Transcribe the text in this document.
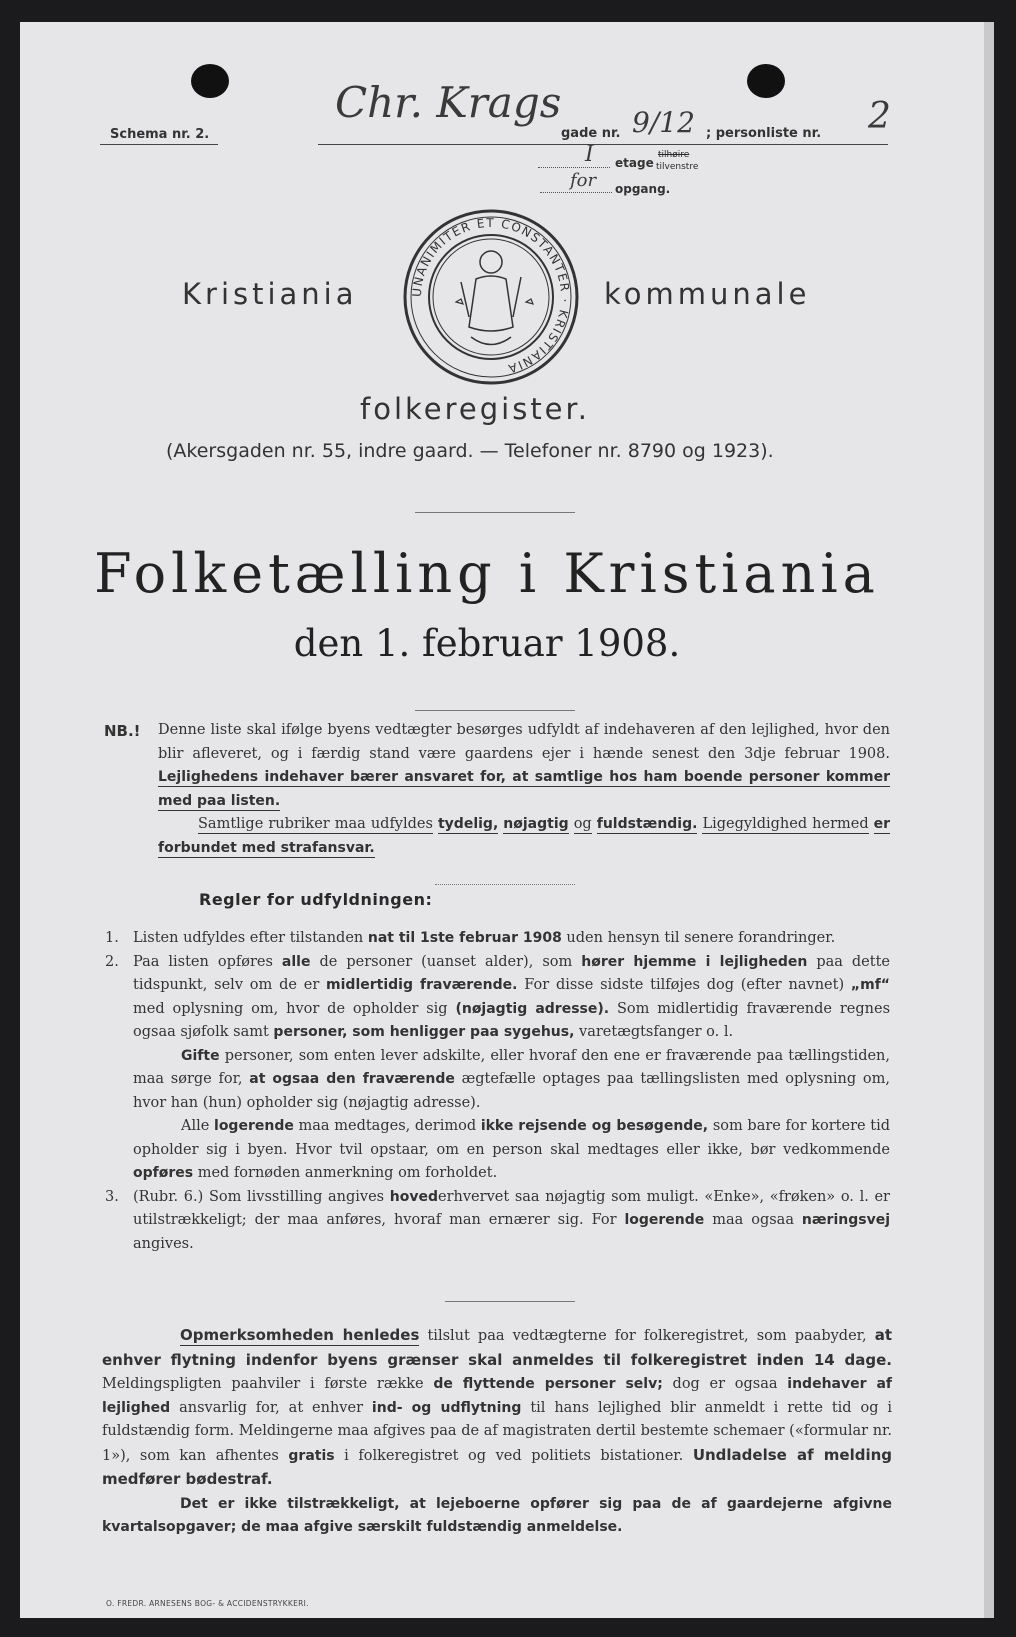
Schema nr. 2.
Chr. Krags
gade nr. 9/12 ; personliste nr. 2
I etage
tilhøire
tilvenstre
for opgang.
UNANIMITER ET CONSTANTER · KRISTIANIA
Kristiania	kommunale
folkeregister.
(Akersgaden nr. 55, indre gaard. — Telefoner nr. 8790 og 1923).
Folketælling i Kristiania
den 1. februar 1908.
NB.! Denne liste skal ifølge byens vedtægter besørges udfyldt af indehaveren af den lejlighed, hvor den blir afleveret, og i færdig stand være gaardens ejer i hænde senest den 3dje februar 1908. Lejlighedens indehaver bærer ansvaret for, at samtlige hos ham boende personer kommer med paa listen.
Samtlige rubriker maa udfyldes tydelig, nøjagtig og fuldstændig. Ligegyldighed hermed er forbundet med strafansvar.
Regler for udfyldningen:
1. Listen udfyldes efter tilstanden nat til 1ste februar 1908 uden hensyn til senere forandringer.
2. Paa listen opføres alle de personer (uanset alder), som hører hjemme i lejligheden paa dette tidspunkt, selv om de er midlertidig fraværende. For disse sidste tilføjes dog (efter navnet) „mf“ med oplysning om, hvor de opholder sig (nøjagtig adresse). Som midlertidig fraværende regnes ogsaa sjøfolk samt personer, som henligger paa sygehus, varetægtsfanger o. l.
Gifte personer, som enten lever adskilte, eller hvoraf den ene er fraværende paa tællingstiden, maa sørge for, at ogsaa den fraværende ægtefælle optages paa tællingslisten med oplysning om, hvor han (hun) opholder sig (nøjagtig adresse).
Alle logerende maa medtages, derimod ikke rejsende og besøgende, som bare for kortere tid opholder sig i byen. Hvor tvil opstaar, om en person skal medtages eller ikke, bør vedkommende opføres med fornøden anmerkning om forholdet.
3. (Rubr. 6.) Som livsstilling angives hovederhvervet saa nøjagtig som muligt. «Enke», «frøken» o. l. er utilstrækkeligt; der maa anføres, hvoraf man ernærer sig. For logerende maa ogsaa næringsvej angives.
Opmerksomheden henledes tilslut paa vedtægterne for folkeregistret, som paabyder, at enhver flytning indenfor byens grænser skal anmeldes til folkeregistret inden 14 dage. Meldingspligten paahviler i første række de flyttende personer selv; dog er ogsaa indehaver af lejlighed ansvarlig for, at enhver ind- og udflytning til hans lejlighed blir anmeldt i rette tid og i fuldstændig form. Meldingerne maa afgives paa de af magistraten dertil bestemte schemaer («formular nr. 1»), som kan afhentes gratis i folkeregistret og ved politiets bistationer. Undladelse af melding medfører bødestraf.
Det er ikke tilstrækkeligt, at lejeboerne opfører sig paa de af gaardejerne afgivne kvartalsopgaver; de maa afgive særskilt fuldstændig anmeldelse.
O. FREDR. ARNESENS BOG- & ACCIDENSTRYKKERI.
